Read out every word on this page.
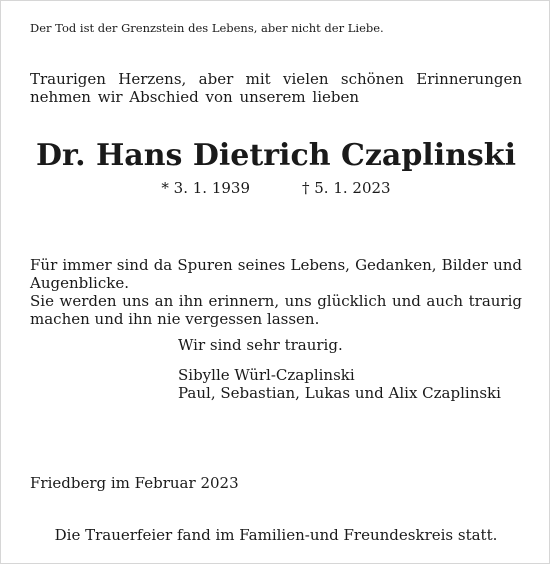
Der Tod ist der Grenzstein des Lebens, aber nicht der Liebe.
Traurigen Herzens, aber mit vielen schönen Erinnerungen nehmen wir Abschied von unserem lieben
Dr. Hans Dietrich Czaplinski
* 3. 1. 1939	† 5. 1. 2023

Für immer sind da Spuren seines Lebens, Gedanken, Bilder und Augenblicke.

Sie werden uns an ihn erinnern, uns glücklich und auch traurig machen und ihn nie vergessen lassen.

Wir sind sehr traurig.
Sibylle Würl-Czaplinski
Paul, Sebastian, Lukas und Alix Czaplinski
Friedberg im Februar 2023
Die Trauerfeier fand im Familien-und Freundeskreis statt.
